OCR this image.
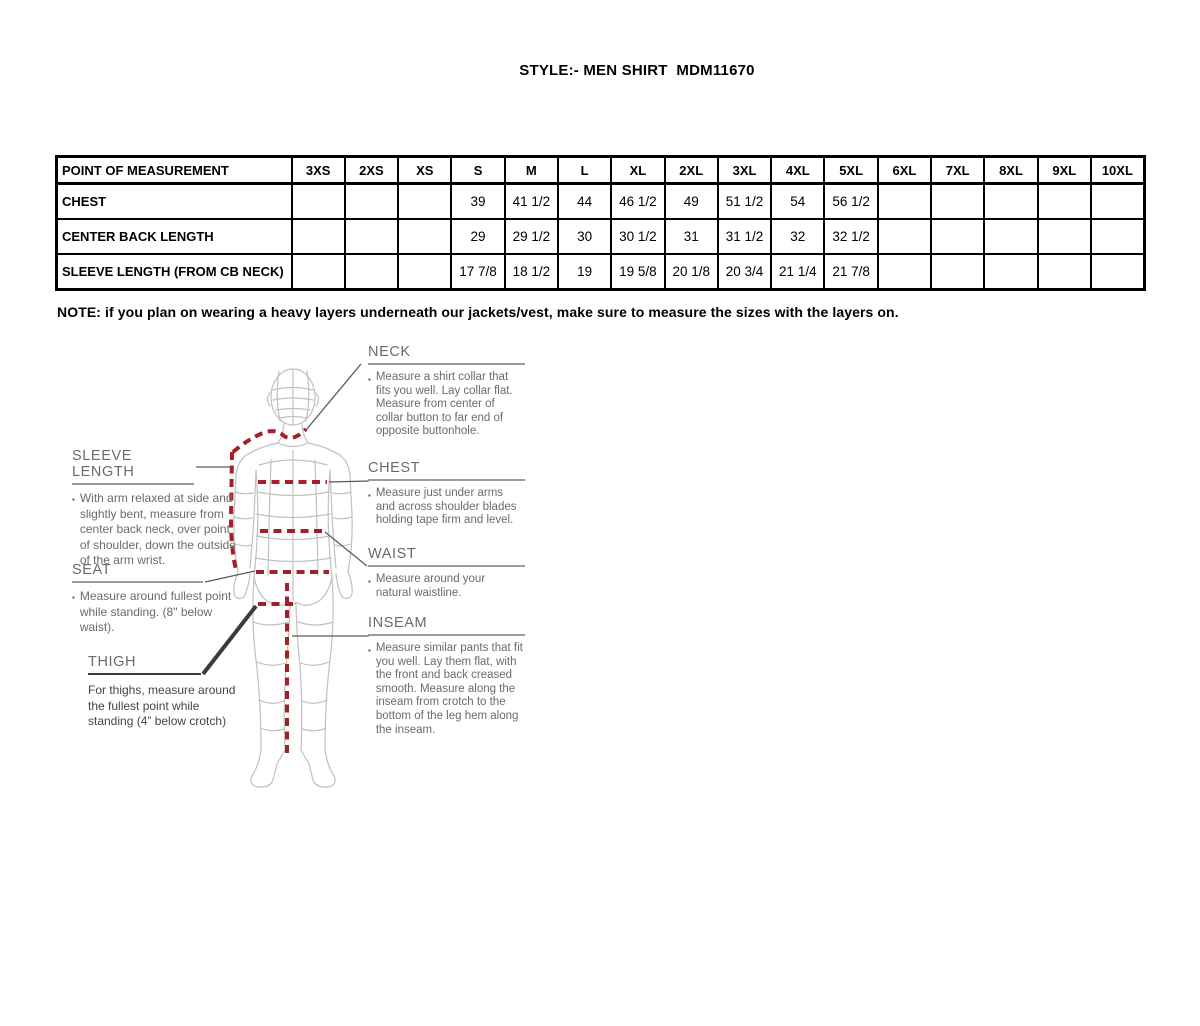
STYLE:- MEN SHIRT  MDM11670
POINT OF MEASUREMENT	3XS	2XS	XS	S	M	L	XL	2XL	3XL	4XL	5XL	6XL	7XL	8XL	9XL	10XL
CHEST				39	41 1/2	44	46 1/2	49	51 1/2	54	56 1/2					
CENTER BACK LENGTH				29	29 1/2	30	30 1/2	31	31 1/2	32	32 1/2					
SLEEVE LENGTH (FROM CB NECK)				17 7/8	18 1/2	19	19 5/8	20 1/8	20 3/4	21 1/4	21 7/8					
NOTE: if you plan on wearing a heavy layers underneath our jackets/vest, make sure to measure the sizes with the layers on.
NECK
▪ Measure a shirt collar that fits you well. Lay collar flat. Measure from center of collar button to far end of opposite buttonhole.
CHEST
▪ Measure just under arms and across shoulder blades holding tape firm and level.
WAIST
▪ Measure around your natural waistline.
INSEAM
▪ Measure similar pants that fit you well. Lay them flat, with the front and back creased smooth. Measure along the inseam from crotch to the bottom of the leg hem along the inseam.
SLEEVE LENGTH
▪ With arm relaxed at side and slightly bent, measure from center back neck, over point of shoulder, down the outside of the arm wrist.
SEAT
▪ Measure around fullest point while standing. (8" below waist).
THIGH
For thighs, measure around the fullest point while standing (4” below crotch)
